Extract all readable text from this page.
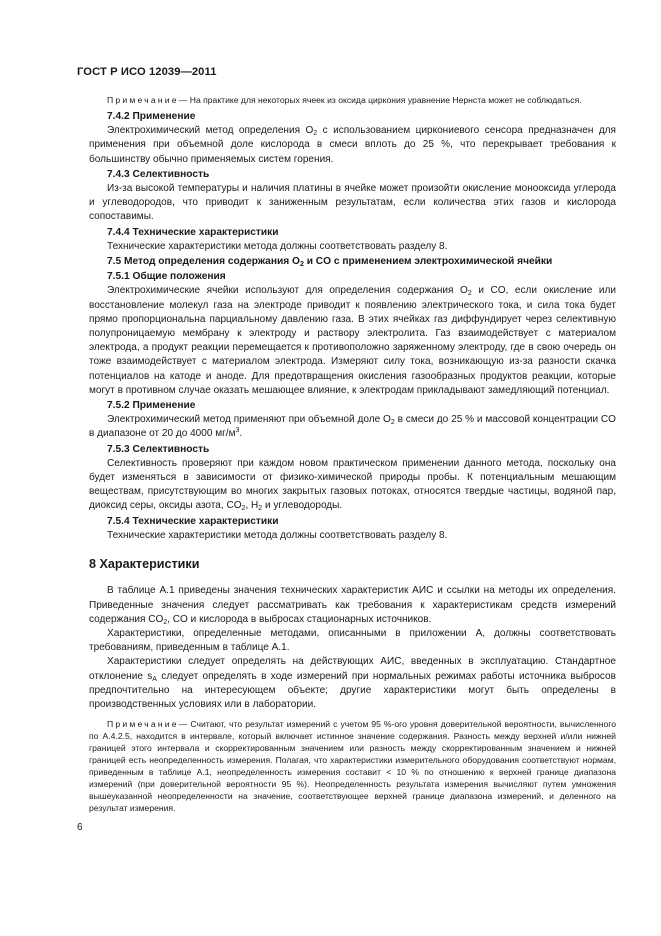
ГОСТ Р ИСО 12039—2011

Примечание— На практике для некоторых ячеек из оксида циркония уравнение Нернста может не соблюдаться.

7.4.2 Применение

Электрохимический метод определения $O_2$ с использованием циркониевого сенсора предназначен для применения при объемной доле кислорода в смеси вплоть до 25 %, что перекрывает требования к большинству обычно применяемых систем горения.

7.4.3 Селективность

Из-за высокой температуры и наличия платины в ячейке может произойти окисление монооксида углерода и углеводородов, что приводит к заниженным результатам, если количества этих газов и кислорода сопоставимы.

7.4.4 Технические характеристики

Технические характеристики метода должны соответствовать разделу 8.

7.5 Метод определения содержания $O_2$ и CO с применением электрохимической ячейки
7.5.1 Общие положения

Электрохимические ячейки используют для определения содержания $O_2$ и CO, если окисление или восстановление молекул газа на электроде приводит к появлению электрического тока, и сила тока будет прямо пропорциональна парциальному давлению газа. В этих ячейках газ диффундирует через селективную полупроницаемую мембрану к электроду и раствору электролита. Газ взаимодействует с материалом электрода, а продукт реакции перемещается к противоположно заряженному электроду, где в свою очередь он тоже взаимодействует с материалом электрода. Измеряют силу тока, возникающую из-за разности скачка потенциалов на катоде и аноде. Для предотвращения окисления газообразных продуктов реакции, которые могут в противном случае оказать мешающее влияние, к электродам прикладывают замедляющий потенциал.

7.5.2 Применение

Электрохимический метод применяют при объемной доле $O_2$ в смеси до 25 % и массовой концентрации CO в диапазоне от 20 до 4000 $мг/м^3$.

7.5.3 Селективность

Селективность проверяют при каждом новом практическом применении данного метода, поскольку она будет изменяться в зависимости от физико-химической природы пробы. К потенциальным мешающим веществам, присутствующим во многих закрытых газовых потоках, относятся твердые частицы, водяной пар, диоксид серы, оксиды азота, $CO_2$, $H_2$ и углеводороды.

7.5.4 Технические характеристики

Технические характеристики метода должны соответствовать разделу 8.

8 Характеристики

В таблице А.1 приведены значения технических характеристик АИС и ссылки на методы их определения. Приведенные значения следует рассматривать как требования к характеристикам средств измерений содержания $CO_2$, CO и кислорода в выбросах стационарных источников.

Характеристики, определенные методами, описанными в приложении А, должны соответствовать требованиям, приведенным в таблице А.1.

Характеристики следует определять на действующих АИС, введенных в эксплуатацию. Стандартное отклонение $s_A$ следует определять в ходе измерений при нормальных режимах работы источника выбросов предпочтительно на интересующем объекте; другие характеристики могут быть определены в производственных условиях или в лаборатории.

Примечание— Считают, что результат измерений с учетом 95 %-ого уровня доверительной вероятности, вычисленного по А.4.2.5, находится в интервале, который включает истинное значение содержания. Разность между верхней и/или нижней границей этого интервала и скорректированным значением или разность между скорректированным значением и нижней границей есть неопределенность измерения. Полагая, что характеристики измерительного оборудования соответствуют нормам, приведенным в таблице А.1, неопределенность измерения составит < 10 % по отношению к верхней границе диапазона измерений (при доверительной вероятности 95 %). Неопределенность результата измерения вычисляют путем умножения вышеуказанной неопределенности на значение, соответствующее верхней границе диапазона измерений, и деленного на результат измерения.

6
